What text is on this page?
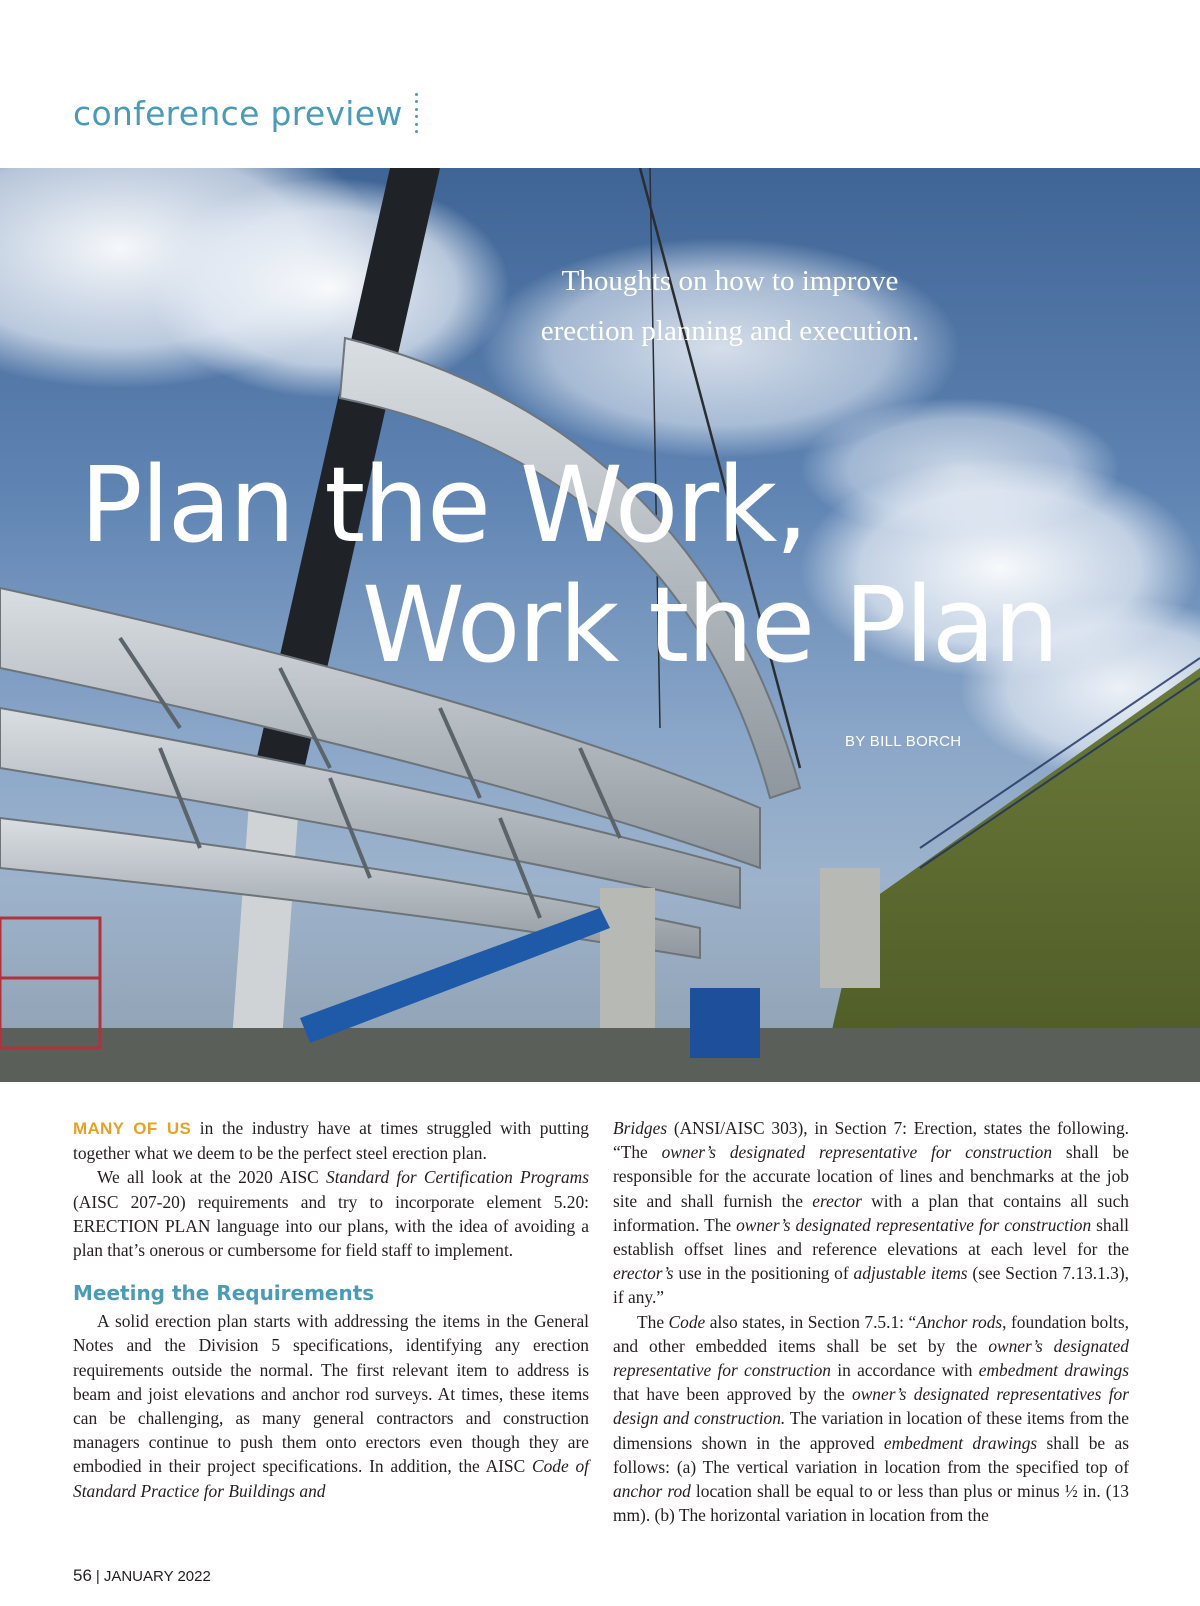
conference preview
Thoughts on how to improve
erection planning and execution.
Plan the Work,
Work the Plan
BY BILL BORCH

MANY OF US in the industry have at times struggled with putting together what we deem to be the perfect steel erection plan.

We all look at the 2020 AISC Standard for Certification Programs (AISC 207-20) requirements and try to incorporate element 5.20: ERECTION PLAN language into our plans, with the idea of avoiding a plan that’s onerous or cumbersome for field staff to implement.

Meeting the Requirements

A solid erection plan starts with addressing the items in the General Notes and the Division 5 specifications, identifying any erection requirements outside the normal. The first relevant item to address is beam and joist elevations and anchor rod surveys. At times, these items can be challenging, as many general contractors and construction managers continue to push them onto erectors even though they are embodied in their project specifications. In addition, the AISC Code of Standard Practice for Buildings and

Bridges (ANSI/AISC 303), in Section 7: Erection, states the following. “The owner’s designated representative for construction shall be responsible for the accurate location of lines and benchmarks at the job site and shall furnish the erector with a plan that contains all such information. The owner’s designated representative for construction shall establish offset lines and reference elevations at each level for the erector’s use in the positioning of adjustable items (see Section 7.13.1.3), if any.”

The Code also states, in Section 7.5.1: “Anchor rods, foundation bolts, and other embedded items shall be set by the owner’s designated representative for construction in accordance with embedment drawings that have been approved by the owner’s designated representatives for design and construction. The variation in location of these items from the dimensions shown in the approved embedment drawings shall be as follows: (a) The vertical variation in location from the specified top of anchor rod location shall be equal to or less than plus or minus ½ in. (13 mm). (b) The horizontal variation in location from the

56 | JANUARY 2022
